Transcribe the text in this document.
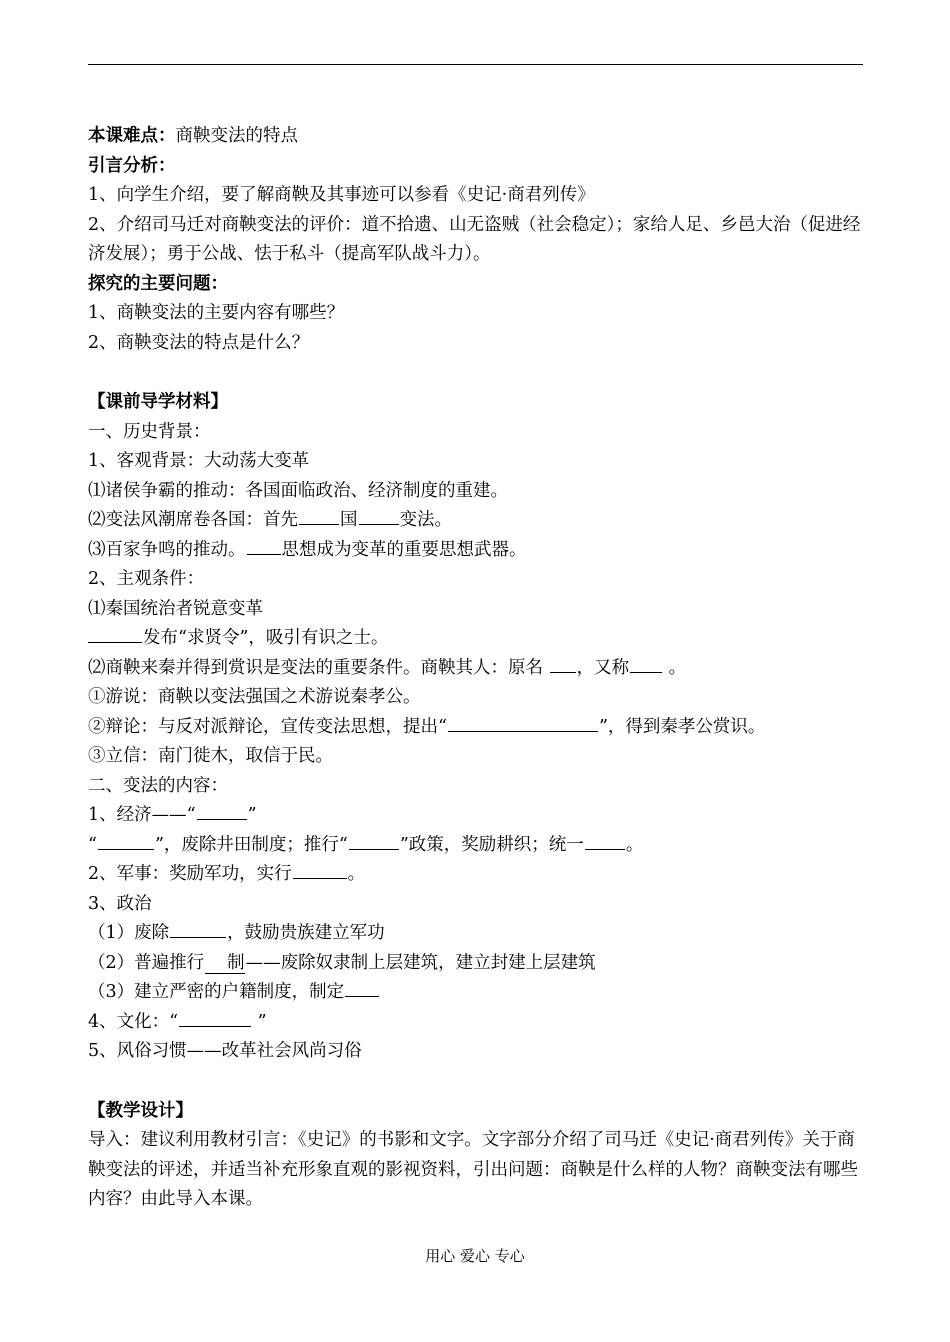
本课难点：商鞅变法的特点
引言分析：
1、向学生介绍，要了解商鞅及其事迹可以参看《史记·商君列传》
2、介绍司马迁对商鞅变法的评价：道不拾遗、山无盗贼（社会稳定）；家给人足、乡邑大治（促进经济发展）；勇于公战、怯于私斗（提高军队战斗力）。
探究的主要问题：
1、商鞅变法的主要内容有哪些？
2、商鞅变法的特点是什么？
【课前导学材料】
一、历史背景：
1、客观背景：大动荡大变革
⑴诸侯争霸的推动：各国面临政治、经济制度的重建。
⑵变法风潮席卷各国：首先 国 变法。
⑶百家争鸣的推动。 思想成为变革的重要思想武器。
2、主观条件：
⑴秦国统治者锐意变革
发布“求贤令”，吸引有识之士。
⑵商鞅来秦并得到赏识是变法的重要条件。商鞅其人：原名 ，又称 。
①游说：商鞅以变法强国之术游说秦孝公。
②辩论：与反对派辩论，宣传变法思想，提出“	”，得到秦孝公赏识。
③立信：南门徙木，取信于民。
二、变法的内容：
1、经济——“	”
“	”，废除井田制度；推行“	”政策，奖励耕织；统一 。
2、军事：奖励军功，实行	。
3、政治
（1）废除	，鼓励贵族建立军功
（2）普遍推行 制——废除奴隶制上层建筑，建立封建上层建筑
（3）建立严密的户籍制度，制定
4、文化：“	”
5、风俗习惯——改革社会风尚习俗
【教学设计】
导入：建议利用教材引言：《史记》的书影和文字。文字部分介绍了司马迁《史记·商君列传》关于商鞅变法的评述，并适当补充形象直观的影视资料，引出问题：商鞅是什么样的人物？商鞅变法有哪些内容？由此导入本课。
用心 爱心 专心
